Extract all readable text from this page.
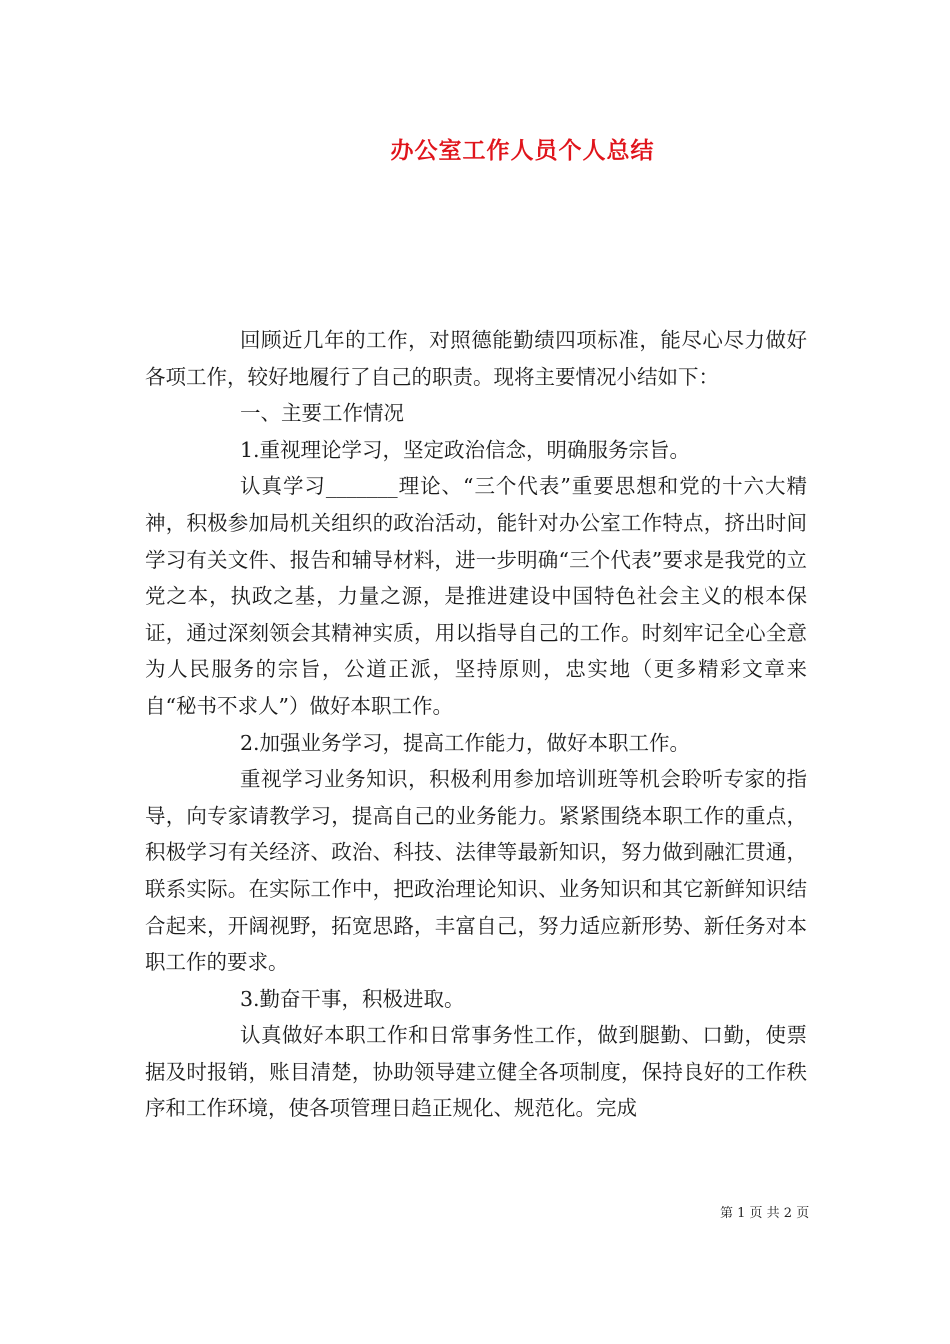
办公室工作人员个人总结

回顾近几年的工作，对照德能勤绩四项标准，能尽心尽力做好各项工作，较好地履行了自己的职责。现将主要情况小结如下：

一、主要工作情况

1.重视理论学习，坚定政治信念，明确服务宗旨。

认真学习_______理论、“三个代表”重要思想和党的十六大精神，积极参加局机关组织的政治活动，能针对办公室工作特点，挤出时间学习有关文件、报告和辅导材料，进一步明确“三个代表”要求是我党的立党之本，执政之基，力量之源，是推进建设中国特色社会主义的根本保证，通过深刻领会其精神实质，用以指导自己的工作。时刻牢记全心全意为人民服务的宗旨，公道正派，坚持原则，忠实地（更多精彩文章来自“秘书不求人”）做好本职工作。

2.加强业务学习，提高工作能力，做好本职工作。

重视学习业务知识，积极利用参加培训班等机会聆听专家的指导，向专家请教学习，提高自己的业务能力。紧紧围绕本职工作的重点，积极学习有关经济、政治、科技、法律等最新知识，努力做到融汇贯通，联系实际。在实际工作中，把政治理论知识、业务知识和其它新鲜知识结合起来，开阔视野，拓宽思路，丰富自己，努力适应新形势、新任务对本职工作的要求。

3.勤奋干事，积极进取。

认真做好本职工作和日常事务性工作，做到腿勤、口勤，使票据及时报销，账目清楚，协助领导建立健全各项制度，保持良好的工作秩序和工作环境，使各项管理日趋正规化、规范化。完成

第 1 页 共 2 页
